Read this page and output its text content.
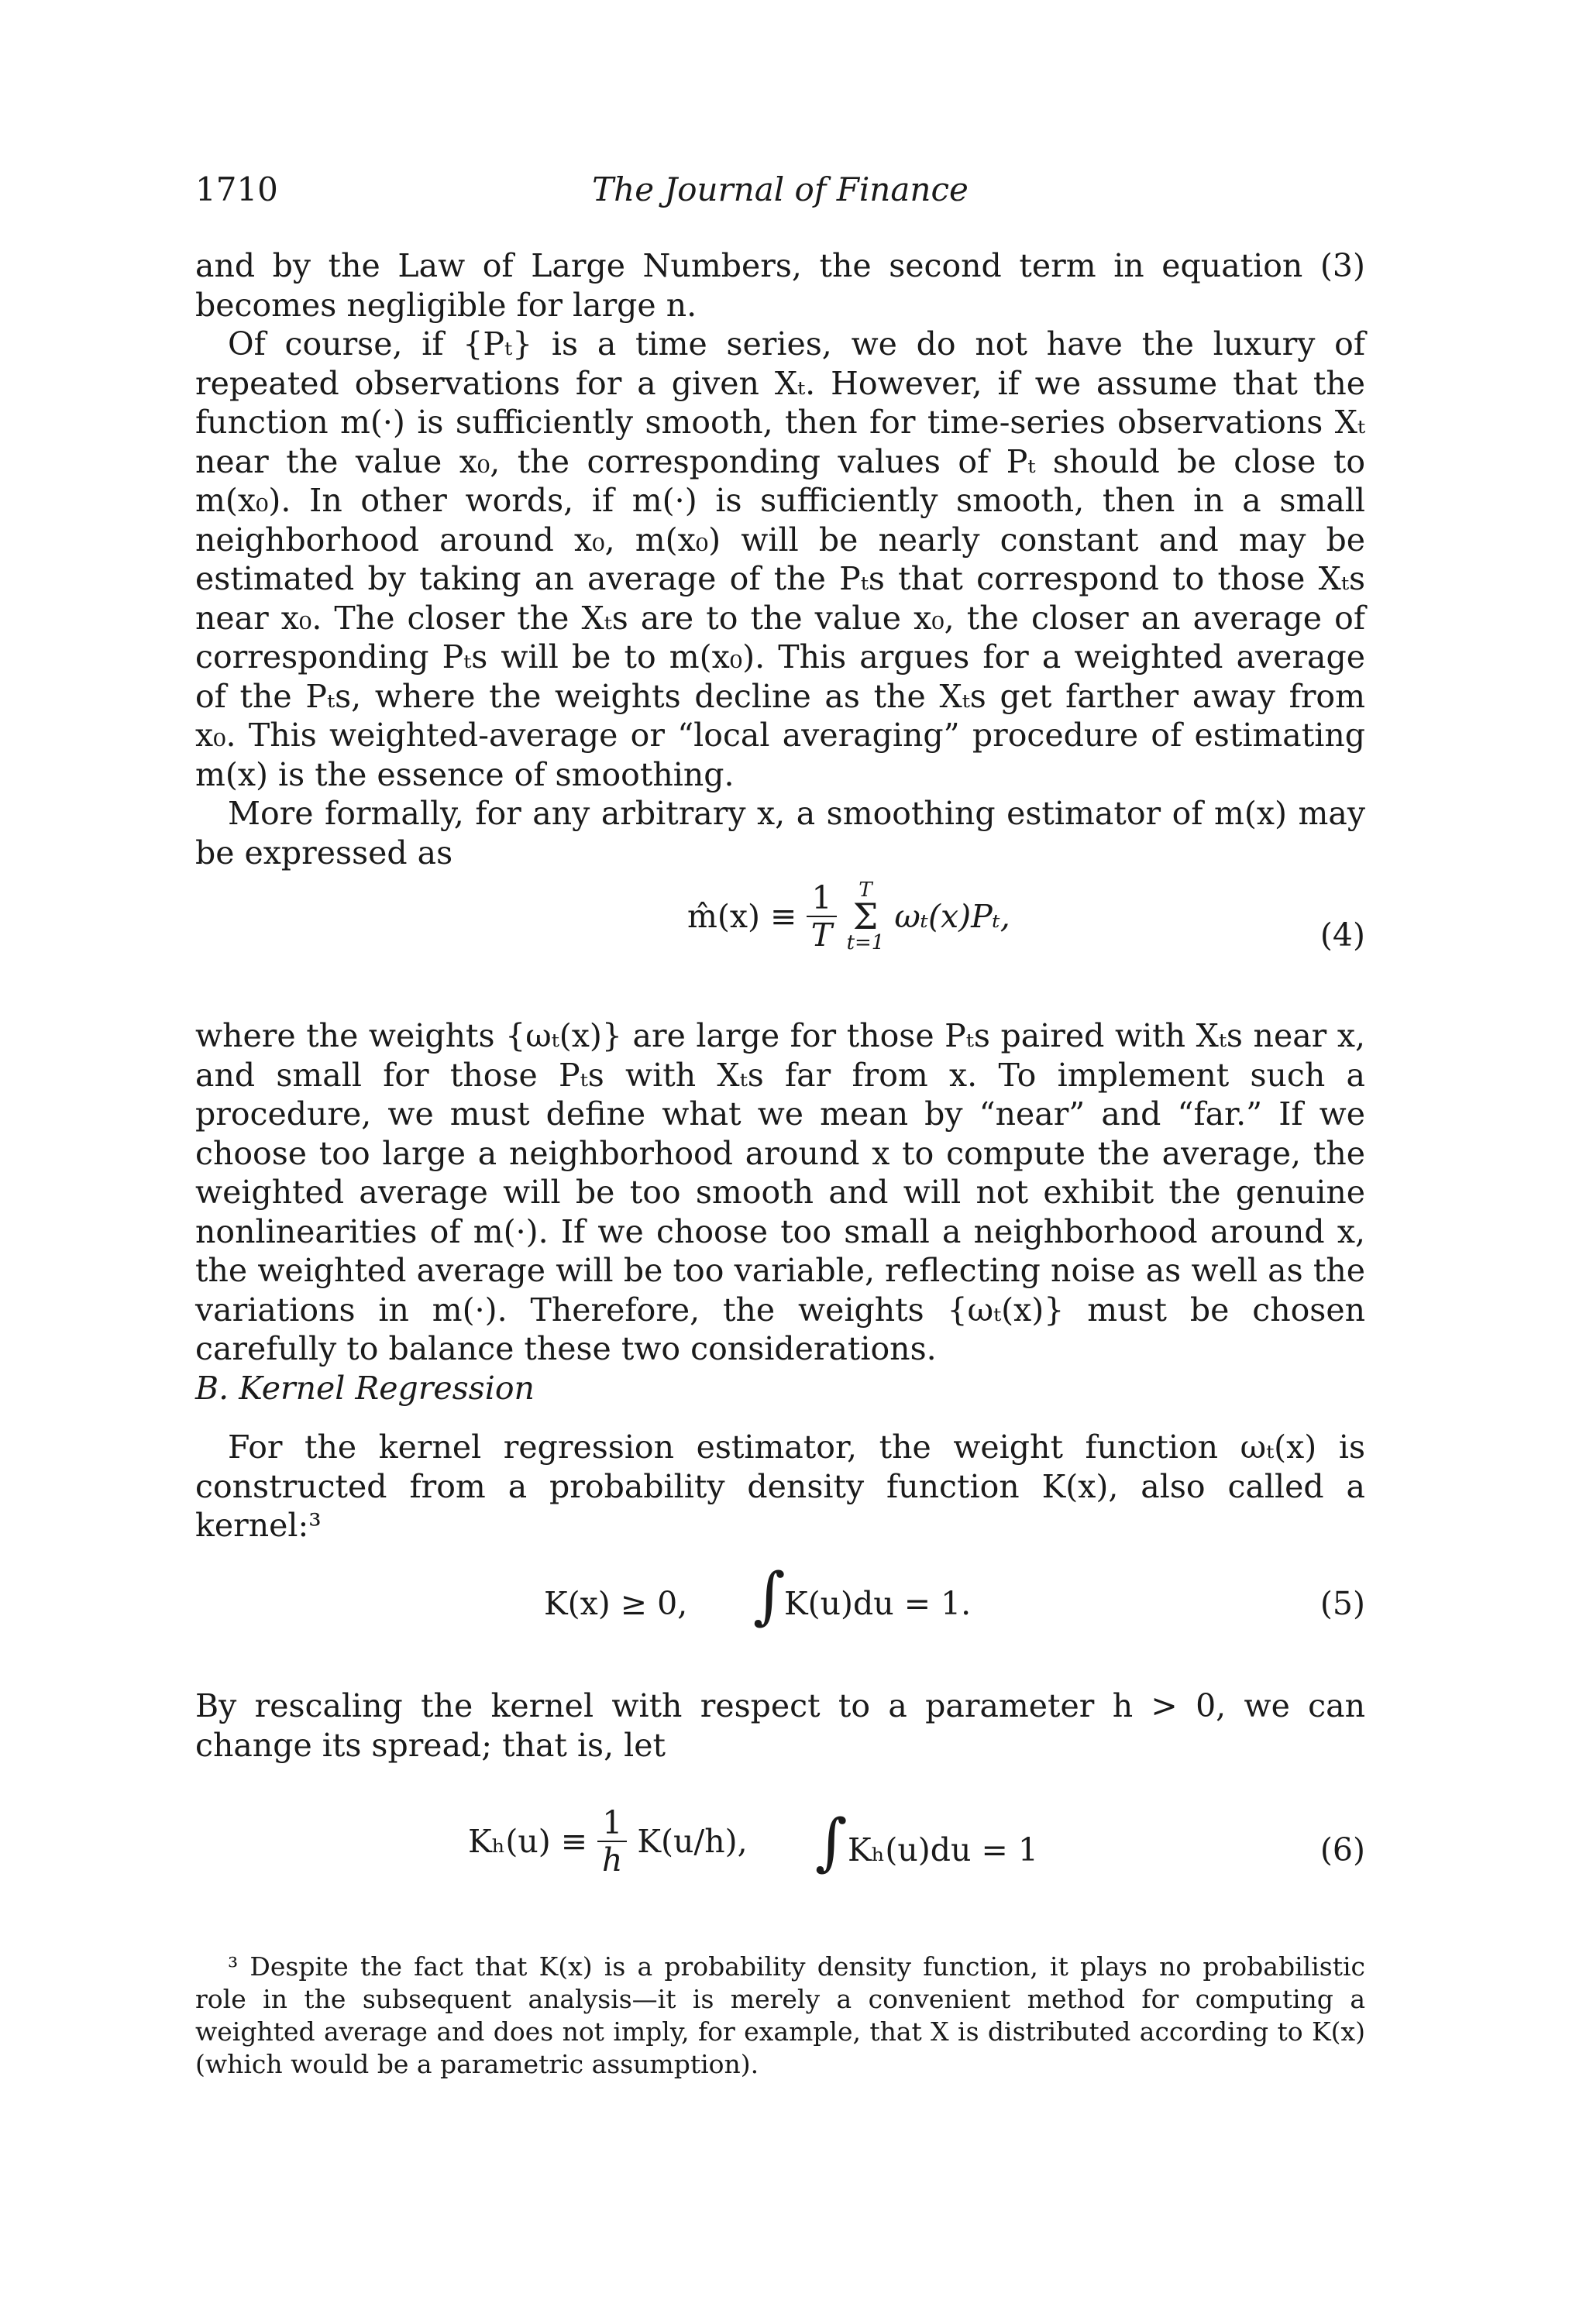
1710	The Journal of Finance

and by the Law of Large Numbers, the second term in equation (3) becomes negligible for large n.

Of course, if {Pₜ} is a time series, we do not have the luxury of repeated observations for a given Xₜ. However, if we assume that the function m(·) is sufficiently smooth, then for time-series observations Xₜ near the value x₀, the corresponding values of Pₜ should be close to m(x₀). In other words, if m(·) is sufficiently smooth, then in a small neighborhood around x₀, m(x₀) will be nearly constant and may be estimated by taking an average of the Pₜs that correspond to those Xₜs near x₀. The closer the Xₜs are to the value x₀, the closer an average of corresponding Pₜs will be to m(x₀). This argues for a weighted average of the Pₜs, where the weights decline as the Xₜs get farther away from x₀. This weighted-average or “local averaging” procedure of estimating m(x) is the essence of smoothing.

More formally, for any arbitrary x, a smoothing estimator of m(x) may be expressed as

m̂(x) ≡ $\frac{1}{T}$
	T
Σ
t=1
ωₜ(x)Pₜ,	(4)

where the weights {ωₜ(x)} are large for those Pₜs paired with Xₜs near x, and small for those Pₜs with Xₜs far from x. To implement such a procedure, we must define what we mean by “near” and “far.” If we choose too large a neighborhood around x to compute the average, the weighted average will be too smooth and will not exhibit the genuine nonlinearities of m(·). If we choose too small a neighborhood around x, the weighted average will be too variable, reflecting noise as well as the variations in m(·). Therefore, the weights {ωₜ(x)} must be chosen carefully to balance these two considerations.

B. Kernel Regression

For the kernel regression estimator, the weight function ωₜ(x) is constructed from a probability density function K(x), also called a kernel:³

K(x) ≥ 0, ∫
K(u)du = 1.	(5)

By rescaling the kernel with respect to a parameter h > 0, we can change its spread; that is, let

$K_h(u) \equiv \frac{1}{h} K(u/h)$, ∫ Kₕ(u)du = 1	(6)
³ Despite the fact that K(x) is a probability density function, it plays no probabilistic role in the subsequent analysis—it is merely a convenient method for computing a weighted average and does not imply, for example, that X is distributed according to K(x) (which would be a parametric assumption).
